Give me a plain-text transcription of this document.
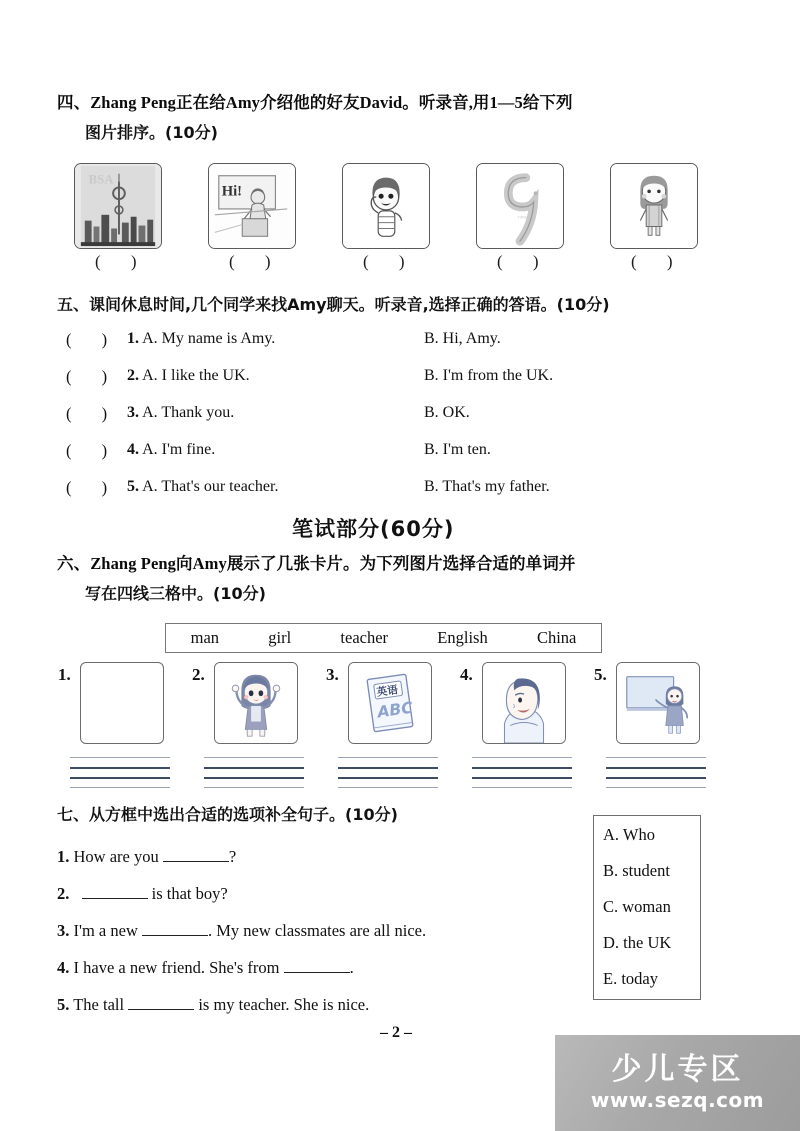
四、Zhang Peng正在给Amy介绍他的好友David。听录音,用1—5给下列
图片排序。(10分)
BSA
( )
Hi!
( )	( )
nine
( )	( )
五、课间休息时间,几个同学来找Amy聊天。听录音,选择正确的答语。(10分)
( ) 1. A. My name is Amy.	B. Hi, Amy.
( ) 2. A. I like the UK.	B. I'm from the UK.
( ) 3. A. Thank you.	B. OK.
( ) 4. A. I'm fine.	B. I'm ten.
( ) 5. A. That's our teacher.	B. That's my father.
笔试部分(60分)
六、Zhang Peng向Amy展示了几张卡片。为下列图片选择合适的单词并
写在四线三格中。(10分)
man	girl	teacher	English	China
1.	2.	3.
英语
ABC
4.	5.
七、从方框中选出合适的选项补全句子。(10分)
1. How are you	?
2.	is that boy?
3. I'm a new	. My new classmates are all nice.
4. I have a new friend. She's from	.
5. The tall	is my teacher. She is nice.
A. Who
B. student
C. woman
D. the UK
E. today
– 2 –
少儿专区
www.sezq.com
